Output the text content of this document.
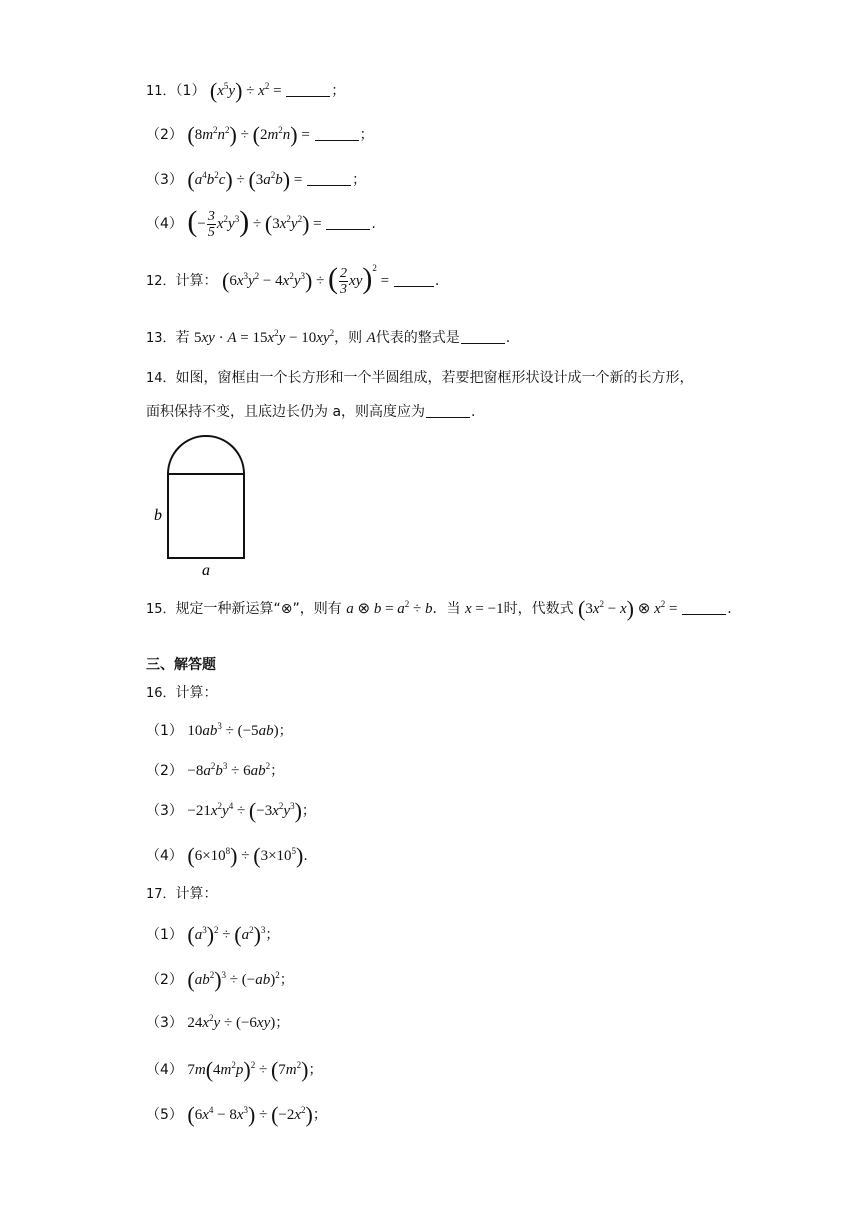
11．（1） $(x^5y) \div x^2$ =	；
（2） $(8m^2n^2) \div (2m^2n)$ =	；
（3） $(a^4b^2c) \div (3a^2b)$ =	；
（4） (− $\frac{3}{5} x^2y^3) \div (3x^2y^2)$ =	.
12．计算： $(6x^3y^2 - 4x^2y^3)$ ÷ ( $\frac{2}{3} xy)^2$ =	.
13．若 $5xy \cdot A = 15x^2y - 10xy^2$，则 A代表的整式是	.
14．如图，窗框由一个长方形和一个半圆组成，若要把窗框形状设计成一个新的长方形，
面积保持不变，且底边长仍为 a，则高度应为	.
b
a
15．规定一种新运算“⊗”，则有 a ⊗ $b = a^2 \div b$．当 x = −1时，代数式 $(3x^2 - x)$ ⊗ $x^2$ =	.
三、解答题
16．计算：
（1） $10ab^3 \div (-5ab)$；
$(2) -8a^2b^3 \div 6ab^2$；
$(3) -21x^2y^4 \div (-3x^2y^3)$；
（4） $(6\times 10^8) \div (3\times 10^5)$.
17．计算：
（1） $(a^3)^2 \div (a^2)^3$；
（2） $(ab^2)^3 \div (-ab)^2$；
（3） $24x^2y \div (-6xy)$；
（4） $7m(4m^2p)^2 \div (7m^2)$；
（5） $(6x^4 - 8x^3) \div (-2x^2)$；
